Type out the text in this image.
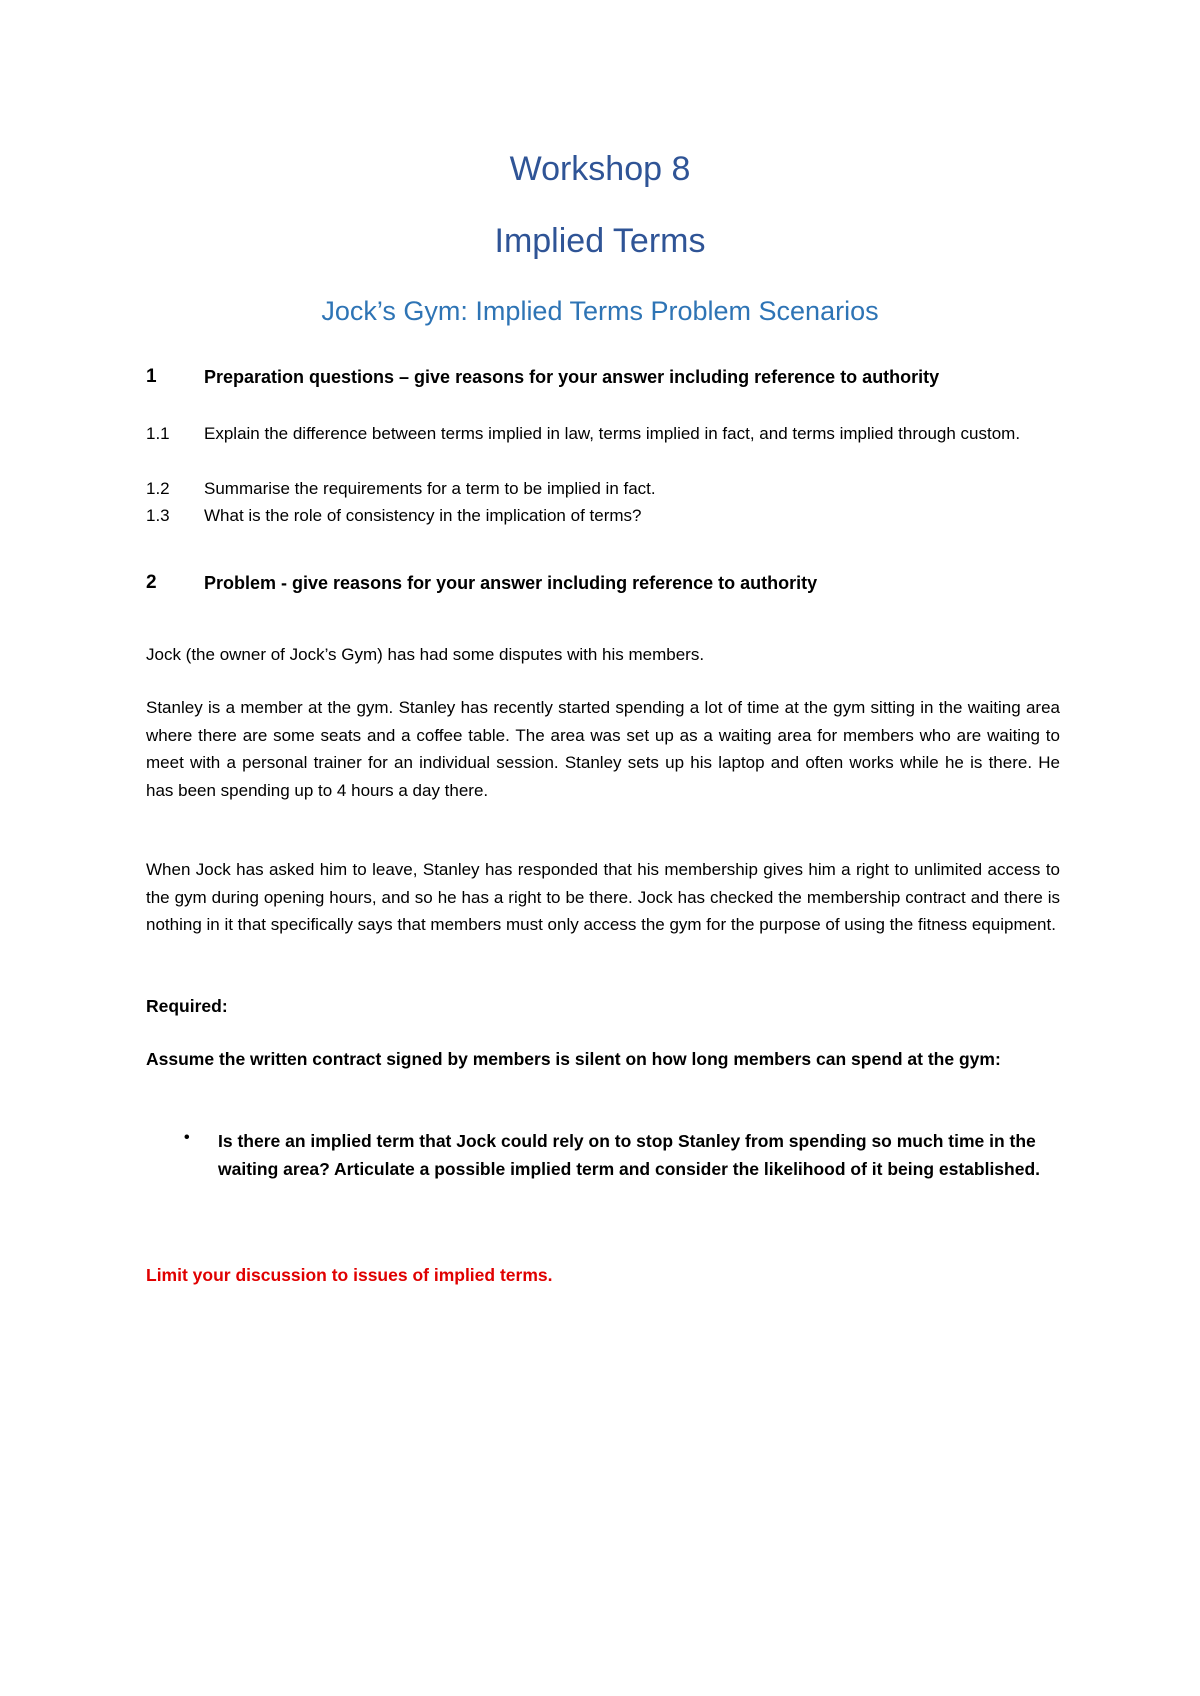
Workshop 8
Implied Terms
Jock’s Gym: Implied Terms Problem Scenarios
1	Preparation questions – give reasons for your answer including reference to authority
1.1 Explain the difference between terms implied in law, terms implied in fact, and terms implied through custom.
1.2 Summarise the requirements for a term to be implied in fact.
1.3 What is the role of consistency in the implication of terms?
2	Problem - give reasons for your answer including reference to authority
Jock (the owner of Jock’s Gym) has had some disputes with his members.
Stanley is a member at the gym. Stanley has recently started spending a lot of time at the gym sitting in the waiting area where there are some seats and a coffee table. The area was set up as a waiting area for members who are waiting to meet with a personal trainer for an individual session. Stanley sets up his laptop and often works while he is there. He has been spending up to 4 hours a day there.
When Jock has asked him to leave, Stanley has responded that his membership gives him a right to unlimited access to the gym during opening hours, and so he has a right to be there. Jock has checked the membership contract and there is nothing in it that specifically says that members must only access the gym for the purpose of using the fitness equipment.
Required:
Assume the written contract signed by members is silent on how long members can spend at the gym:
• Is there an implied term that Jock could rely on to stop Stanley from spending so much time in the waiting area? Articulate a possible implied term and consider the likelihood of it being established.
Limit your discussion to issues of implied terms.
